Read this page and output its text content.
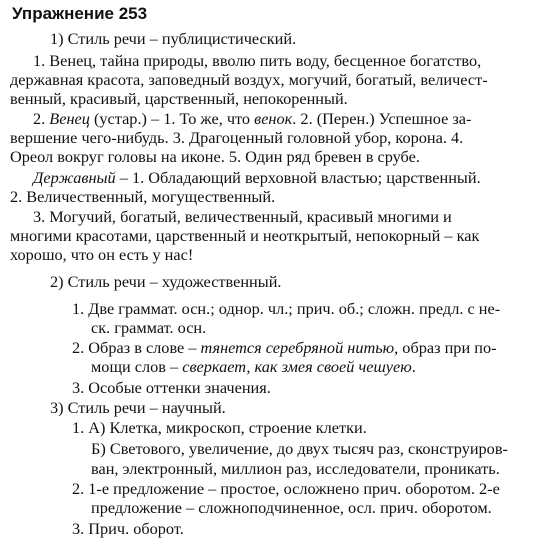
Упражнение 253
1) Стиль речи – публицистический.
1. Венец, тайна природы, вволю пить воду, бесценное богатство,
державная красота, заповедный воздух, могучий, богатый, величест-
венный, красивый, царственный, непокоренный.
2. Венец (устар.) – 1. То же, что венок. 2. (Перен.) Успешное за-
вершение чего-нибудь. 3. Драгоценный головной убор, корона. 4.
Ореол вокруг головы на иконе. 5. Один ряд бревен в срубе.
Державный – 1. Обладающий верховной властью; царственный.
2. Величественный, могущественный.
3. Могучий, богатый, величественный, красивый многими и
многими красотами, царственный и неоткрытый, непокорный – как
хорошо, что он есть у нас!
2) Стиль речи – художественный.
1. Две граммат. осн.; однор. чл.; прич. об.; сложн. предл. с не-
ск. граммат. осн.
2. Образ в слове – тянется серебряной нитью, образ при по-
мощи слов – сверкает, как змея своей чешуею.
3. Особые оттенки значения.
3) Стиль речи – научный.
1. А) Клетка, микроскоп, строение клетки.
Б) Светового, увеличение, до двух тысяч раз, сконструиров-
ван, электронный, миллион раз, исследователи, проникать.
2. 1-е предложение – простое, осложнено прич. оборотом. 2-е
предложение – сложноподчиненное, осл. прич. оборотом.
3. Прич. оборот.
